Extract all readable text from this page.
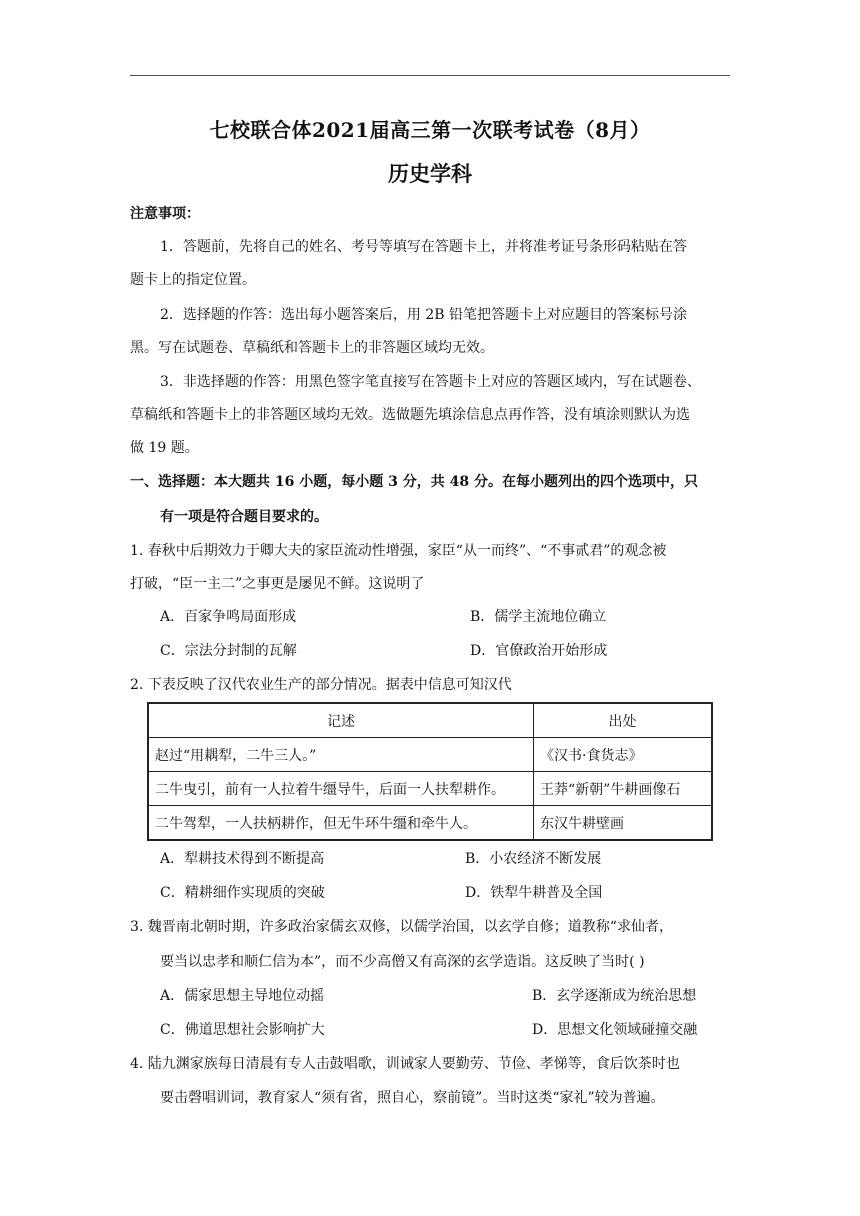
七校联合体2021届高三第一次联考试卷（8月）
历史学科
注意事项：
1．答题前，先将自己的姓名、考号等填写在答题卡上，并将准考证号条形码粘贴在答
题卡上的指定位置。
2．选择题的作答：选出每小题答案后，用 2B 铅笔把答题卡上对应题目的答案标号涂
黑。写在试题卷、草稿纸和答题卡上的非答题区域均无效。
3．非选择题的作答：用黑色签字笔直接写在答题卡上对应的答题区域内，写在试题卷、
草稿纸和答题卡上的非答题区域均无效。选做题先填涂信息点再作答，没有填涂则默认为选
做 19 题。
一、选择题：本大题共 16 小题，每小题 3 分，共 48 分。在每小题列出的四个选项中，只
有一项是符合题目要求的。
1. 春秋中后期效力于卿大夫的家臣流动性增强，家臣“从一而终”、“不事贰君”的观念被
打破，“臣一主二”之事更是屡见不鲜。这说明了
A．百家争鸣局面形成	B．儒学主流地位确立
C．宗法分封制的瓦解	D．官僚政治开始形成
2. 下表反映了汉代农业生产的部分情况。据表中信息可知汉代
记述	出处
赵过“用耦犁，二牛三人。”	《汉书·食货志》
二牛曳引，前有一人拉着牛缰导牛，后面一人扶犁耕作。	王莽“新朝”牛耕画像石
二牛驾犁，一人扶柄耕作，但无牛环牛缰和牵牛人。	东汉牛耕壁画
A．犁耕技术得到不断提高	B．小农经济不断发展
C．精耕细作实现质的突破	D．铁犁牛耕普及全国
3. 魏晋南北朝时期，许多政治家儒玄双修，以儒学治国，以玄学自修；道教称“求仙者，
要当以忠孝和顺仁信为本”，而不少高僧又有高深的玄学造诣。这反映了当时( )
A．儒家思想主导地位动摇	B．玄学逐渐成为统治思想
C．佛道思想社会影响扩大	D．思想文化领域碰撞交融
4. 陆九渊家族每日清晨有专人击鼓唱歌，训诫家人要勤劳、节俭、孝悌等，食后饮茶时也
要击磬唱训词，教育家人“须有省，照自心，察前镜”。当时这类“家礼”较为普遍。
